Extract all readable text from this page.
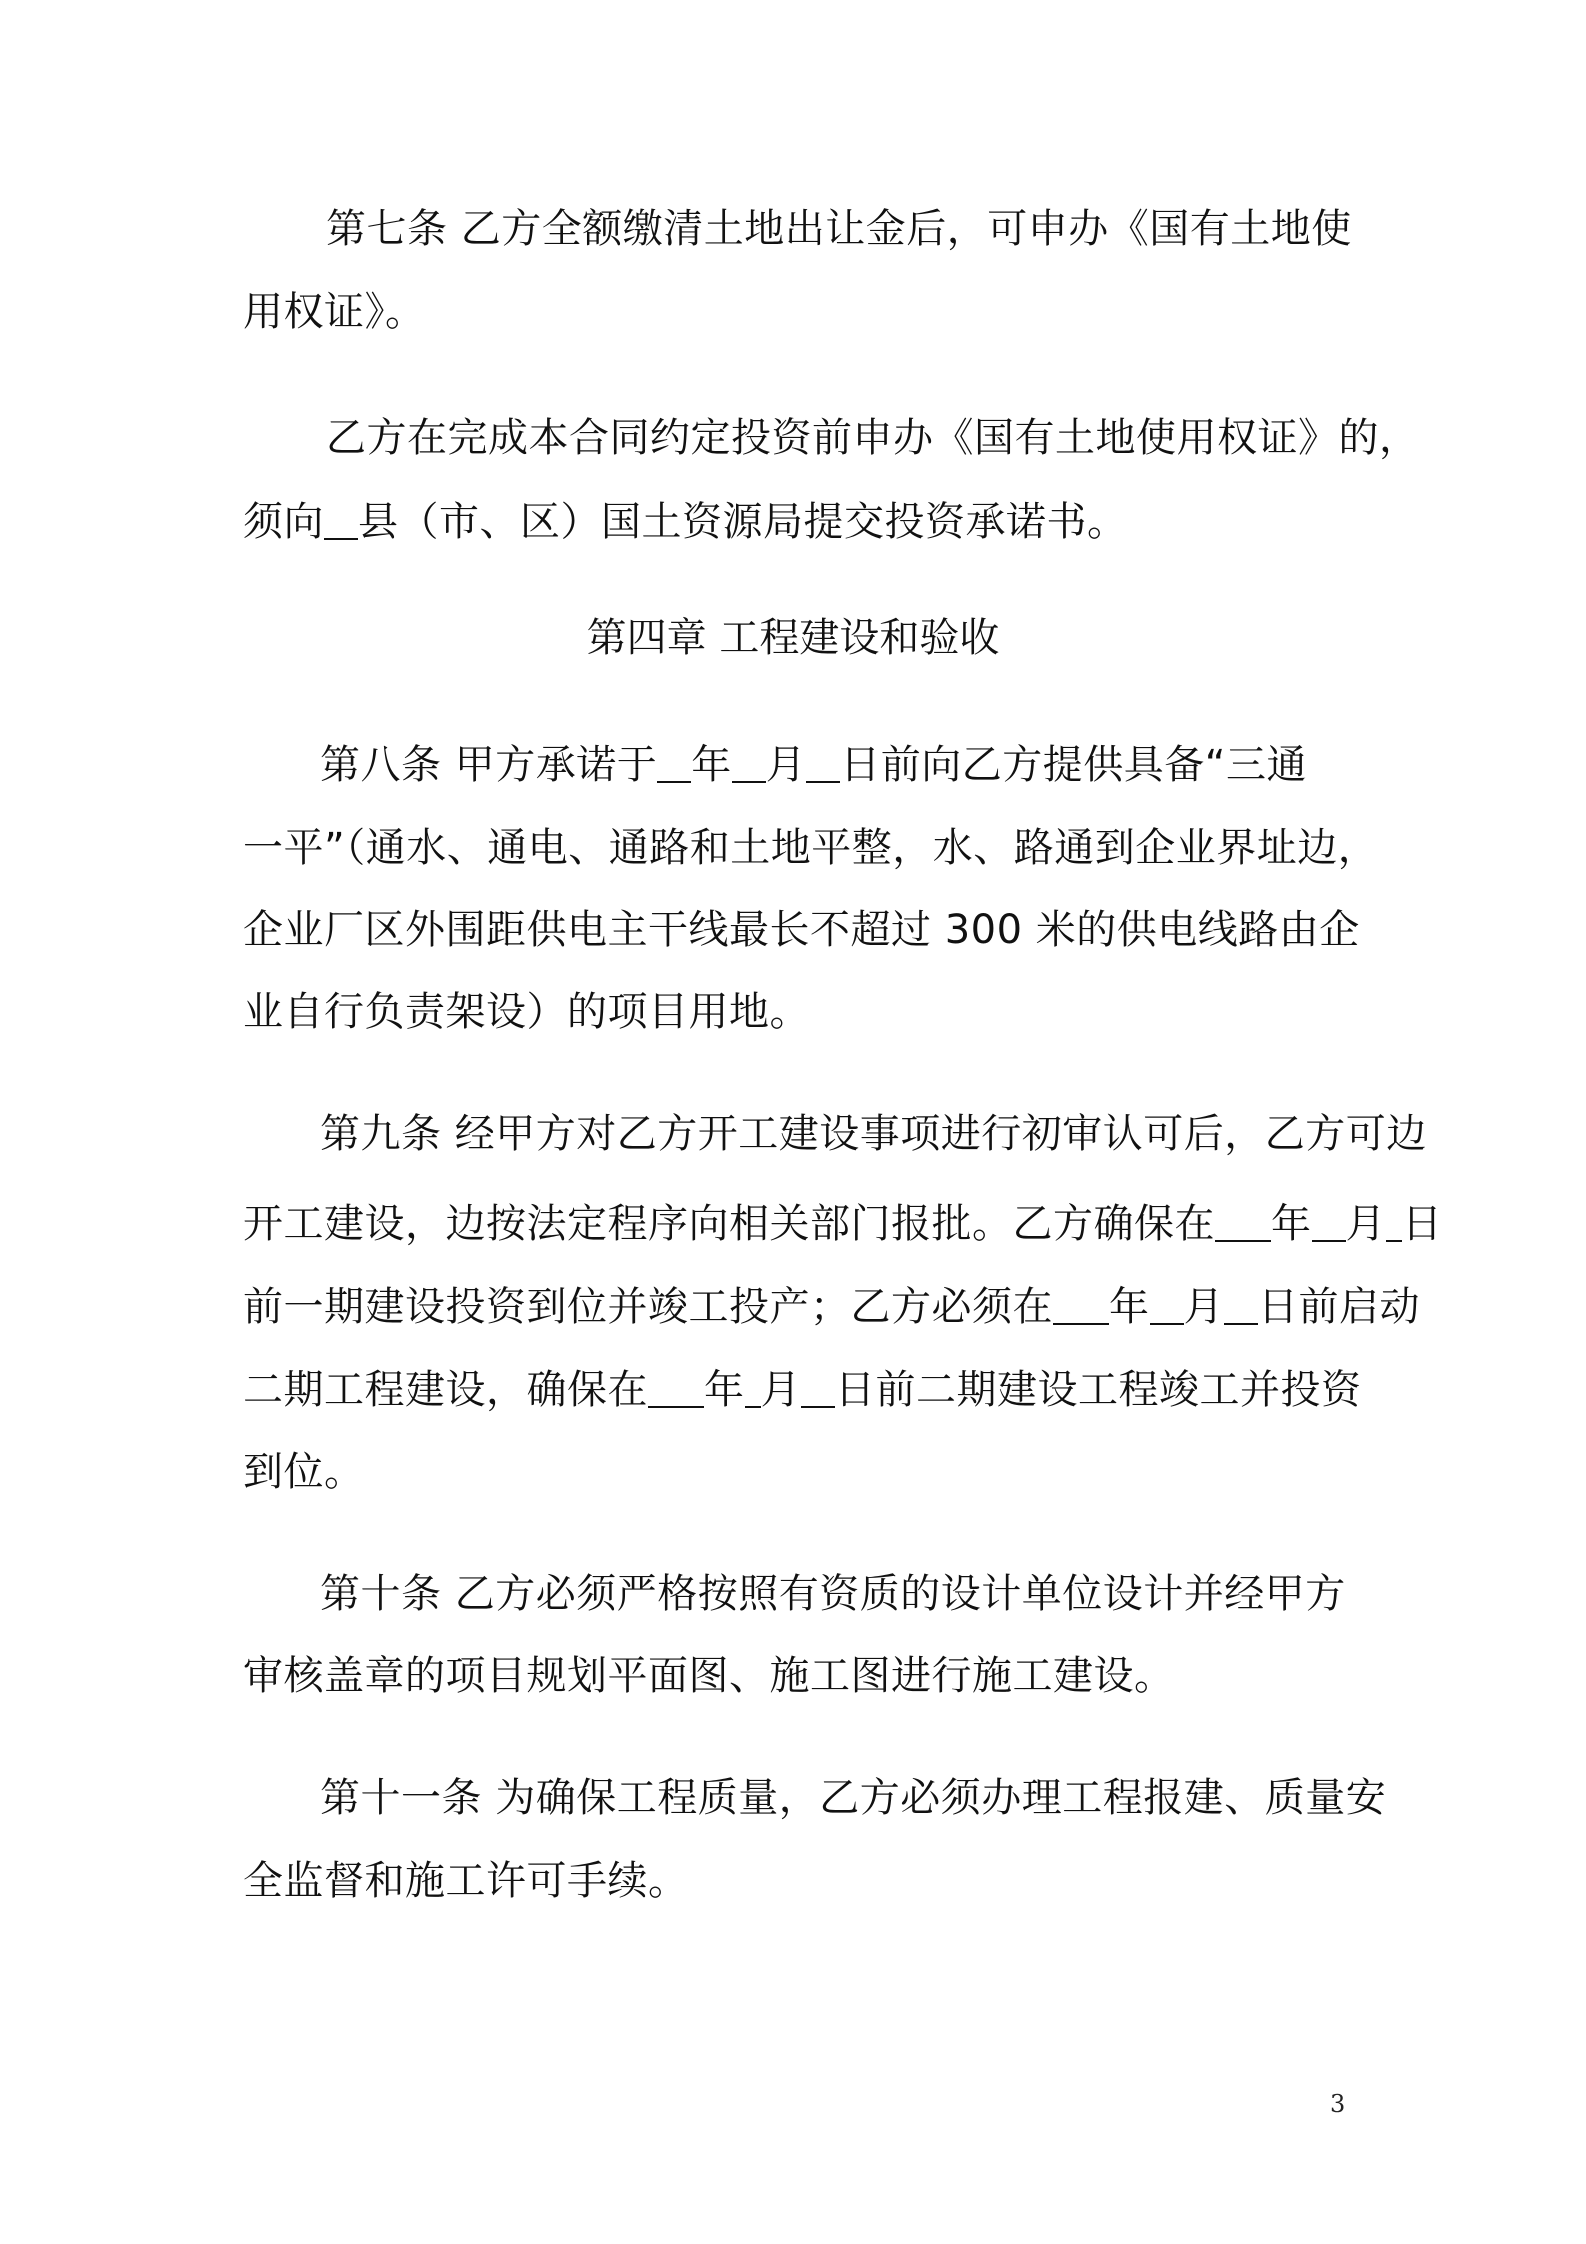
第七条 乙方全额缴清土地出让金后，可申办《国有土地使
用权证》。
乙方在完成本合同约定投资前申办《国有土地使用权证》的，
须向 县（市、区）国土资源局提交投资承诺书。
第四章 工程建设和验收
第八条 甲方承诺于 年 月 日前向乙方提供具备“三通
一平”（通水、通电、通路和土地平整，水、路通到企业界址边，
企业厂区外围距供电主干线最长不超过 300 米的供电线路由企
业自行负责架设）的项目用地。
第九条 经甲方对乙方开工建设事项进行初审认可后，乙方可边
开工建设，边按法定程序向相关部门报批。乙方确保在 年 月 日
前一期建设投资到位并竣工投产；乙方必须在 年 月 日前启动
二期工程建设，确保在 年 月 日前二期建设工程竣工并投资
到位。
第十条 乙方必须严格按照有资质的设计单位设计并经甲方
审核盖章的项目规划平面图、施工图进行施工建设。
第十一条 为确保工程质量，乙方必须办理工程报建、质量安
全监督和施工许可手续。
3
